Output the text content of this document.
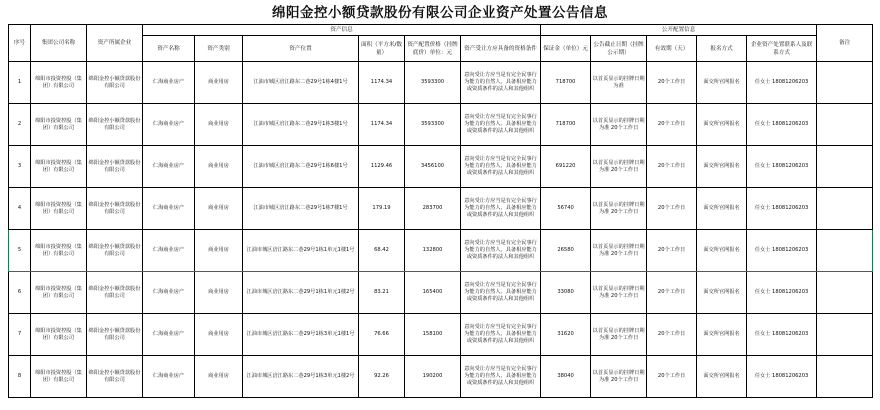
绵阳金控小额贷款股份有限公司企业资产处置公告信息
序号	集团公司名称	资产所属企业	资产信息						公开配置信息					备注
			资产名称	资产类别	资产位置	面积（平方米/数量）	资产配置价格（挂牌底价）单位：元	资产受让方应具备的资格条件	保证金（单位）元	公告截止日期（挂牌公示期）	有效期（天）	报名方式	企业资产处置联系人及联系方式	
1	绵阳市投资控股（集团）有限公司	绵阳金控小额贷款股份有限公司	仁海商业房产	商业用房	江油市城区涪江路东二巷29号1栋4楼1号	1174.34	3593300	意向受让方应当是有完全民事行为能力的自然人、具备相应能力或资质条件的法人和其他组织	718700	以首页显示的挂牌日期为准	20个工作日	面交所官网报名	任女士 18081206203	
2	绵阳市投资控股（集团）有限公司	绵阳金控小额贷款股份有限公司	仁海商业房产	商业用房	江油市城区涪江路东二巷29号1栋3楼1号	1174.34	3593300	意向受让方应当是有完全民事行为能力的自然人、具备相应能力或资质条件的法人和其他组织	718700	以首页显示的挂牌日期为准 20个工作日	20个工作日	面交所官网报名	任女士 18081206203	
3	绵阳市投资控股（集团）有限公司	绵阳金控小额贷款股份有限公司	仁海商业房产	商业用房	江油市城区涪江路东二巷29号1栋6楼1号	1129.46	3456100	意向受让方应当是有完全民事行为能力的自然人、具备相应能力或资质条件的法人和其他组织	691220	以首页显示的挂牌日期为准 20个工作日	20个工作日	面交所官网报名	任女士 18081206203	
4	绵阳市投资控股（集团）有限公司	绵阳金控小额贷款股份有限公司	仁海商业房产	商业用房	江油市城区涪江路东二巷29号1栋7楼1号	179.19	283700	意向受让方应当是有完全民事行为能力的自然人、具备相应能力或资质条件的法人和其他组织	56740	以首页显示的挂牌日期为准 20个工作日	20个工作日	面交所官网报名	任女士 18081206203	
5	绵阳市投资控股（集团）有限公司	绵阳金控小额贷款股份有限公司	仁海商业房产	商业用房	江油市城区涪江路东二巷29号1栋1单元1楼1号	68.42	132800	意向受让方应当是有完全民事行为能力的自然人、具备相应能力或资质条件的法人和其他组织	26580	以首页显示的挂牌日期为准 20个工作日	20个工作日	面交所官网报名	任女士 18081206203	
6	绵阳市投资控股（集团）有限公司	绵阳金控小额贷款股份有限公司	仁海商业房产	商业用房	江油市城区涪江路东二巷29号1栋1单元1楼2号	83.21	165400	意向受让方应当是有完全民事行为能力的自然人、具备相应能力或资质条件的法人和其他组织	33080	以首页显示的挂牌日期为准 20个工作日	20个工作日	面交所官网报名	任女士 18081206203	
7	绵阳市投资控股（集团）有限公司	绵阳金控小额贷款股份有限公司	仁海商业房产	商业用房	江油市城区涪江路东二巷29号1栋3单元1楼1号	76.66	158100	意向受让方应当是有完全民事行为能力的自然人、具备相应能力或资质条件的法人和其他组织	31620	以首页显示的挂牌日期为准 20个工作日	20个工作日	面交所官网报名	任女士 18081206203	
8	绵阳市投资控股（集团）有限公司	绵阳金控小额贷款股份有限公司	仁海商业房产	商业用房	江油市城区涪江路东二巷29号1栋3单元1楼2号	92.26	190200	意向受让方应当是有完全民事行为能力的自然人、具备相应能力或资质条件的法人和其他组织	38040	以首页显示的挂牌日期为准 20个工作日	20个工作日	面交所官网报名	任女士 18081206203	
